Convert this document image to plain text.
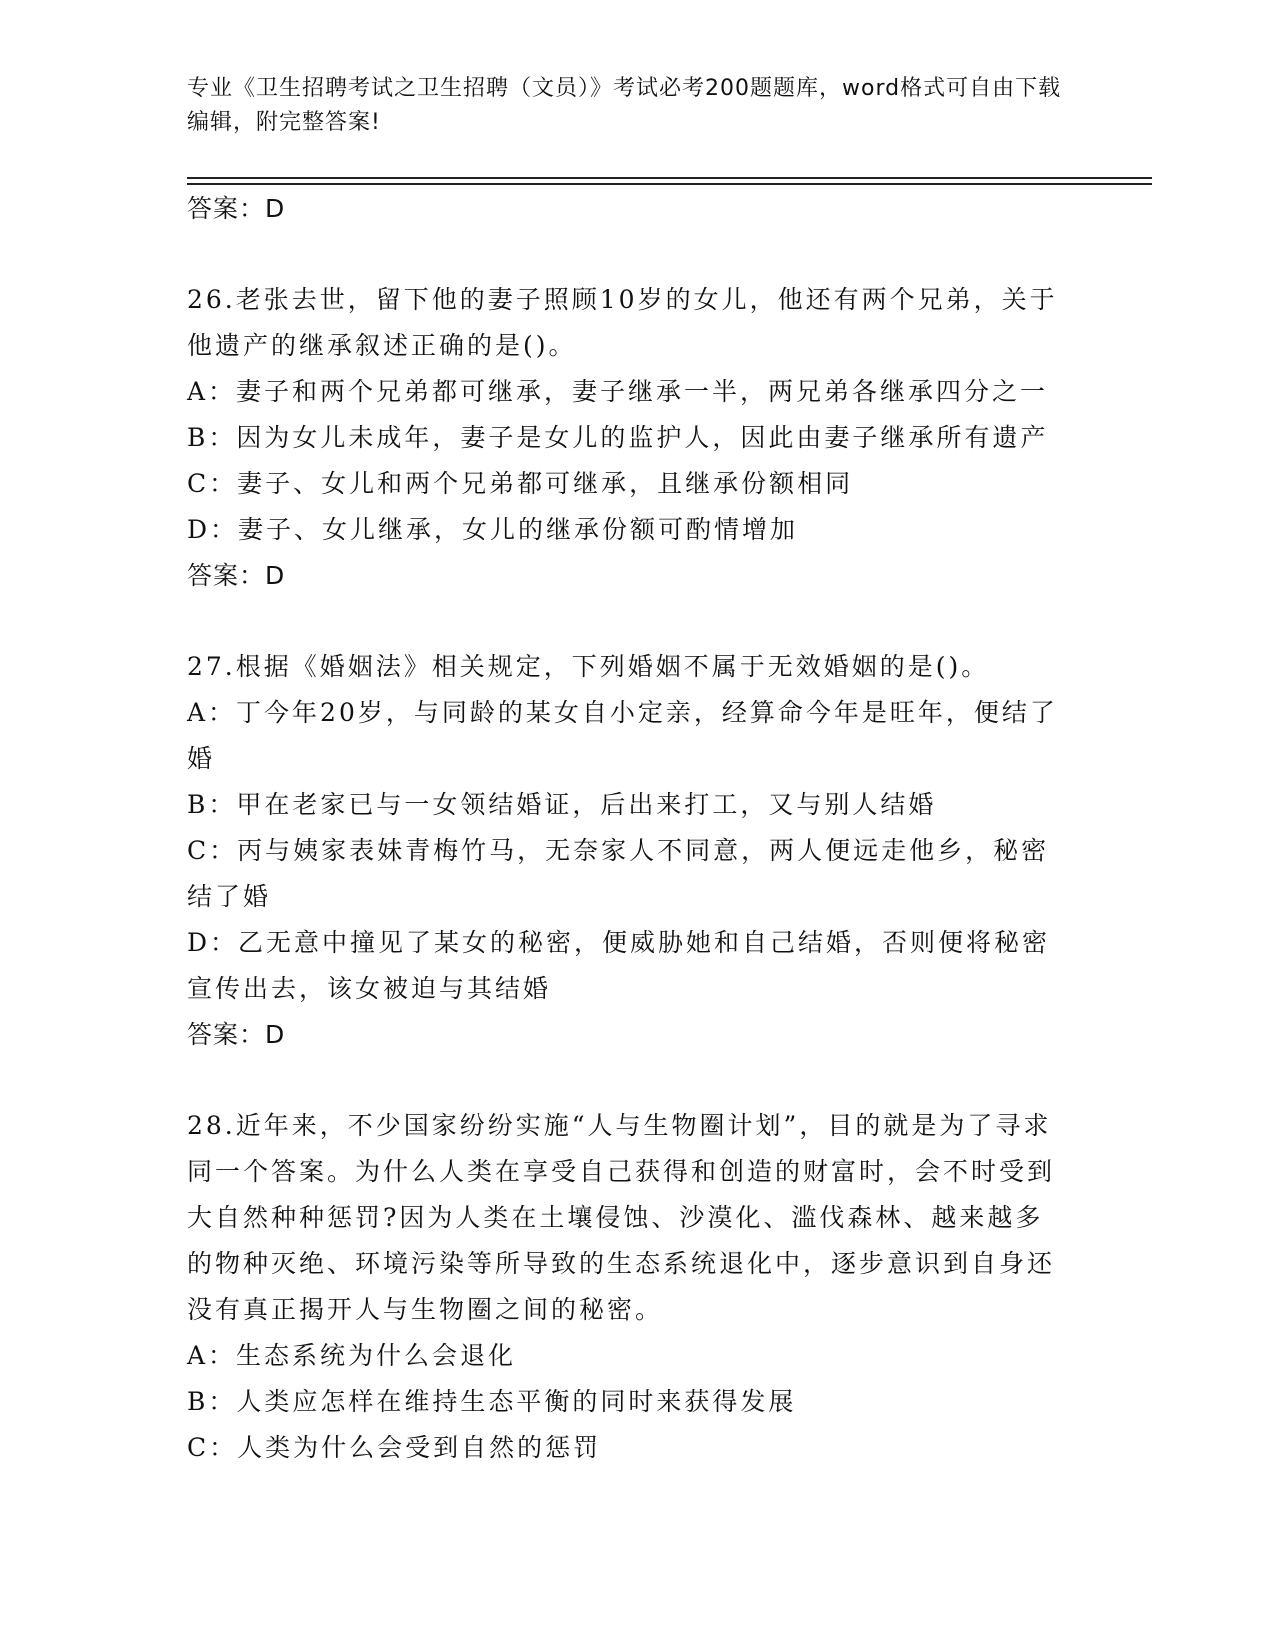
专业《卫生招聘考试之卫生招聘（文员）》考试必考200题题库，word格式可自由下载编辑，附完整答案!
答案：D
26.老张去世，留下他的妻子照顾10岁的女儿，他还有两个兄弟，关于他遗产的继承叙述正确的是()。
A：妻子和两个兄弟都可继承，妻子继承一半，两兄弟各继承四分之一
B：因为女儿未成年，妻子是女儿的监护人，因此由妻子继承所有遗产
C：妻子、女儿和两个兄弟都可继承，且继承份额相同
D：妻子、女儿继承，女儿的继承份额可酌情增加
答案：D
27.根据《婚姻法》相关规定，下列婚姻不属于无效婚姻的是()。
A：丁今年20岁，与同龄的某女自小定亲，经算命今年是旺年，便结了婚
B：甲在老家已与一女领结婚证，后出来打工，又与别人结婚
C：丙与姨家表妹青梅竹马，无奈家人不同意，两人便远走他乡，秘密结了婚
D：乙无意中撞见了某女的秘密，便威胁她和自己结婚，否则便将秘密宣传出去，该女被迫与其结婚
答案：D
28.近年来，不少国家纷纷实施“人与生物圈计划”，目的就是为了寻求同一个答案。为什么人类在享受自己获得和创造的财富时，会不时受到大自然种种惩罚?因为人类在土壤侵蚀、沙漠化、滥伐森林、越来越多的物种灭绝、环境污染等所导致的生态系统退化中，逐步意识到自身还没有真正揭开人与生物圈之间的秘密。
A：生态系统为什么会退化
B：人类应怎样在维持生态平衡的同时来获得发展
C：人类为什么会受到自然的惩罚
